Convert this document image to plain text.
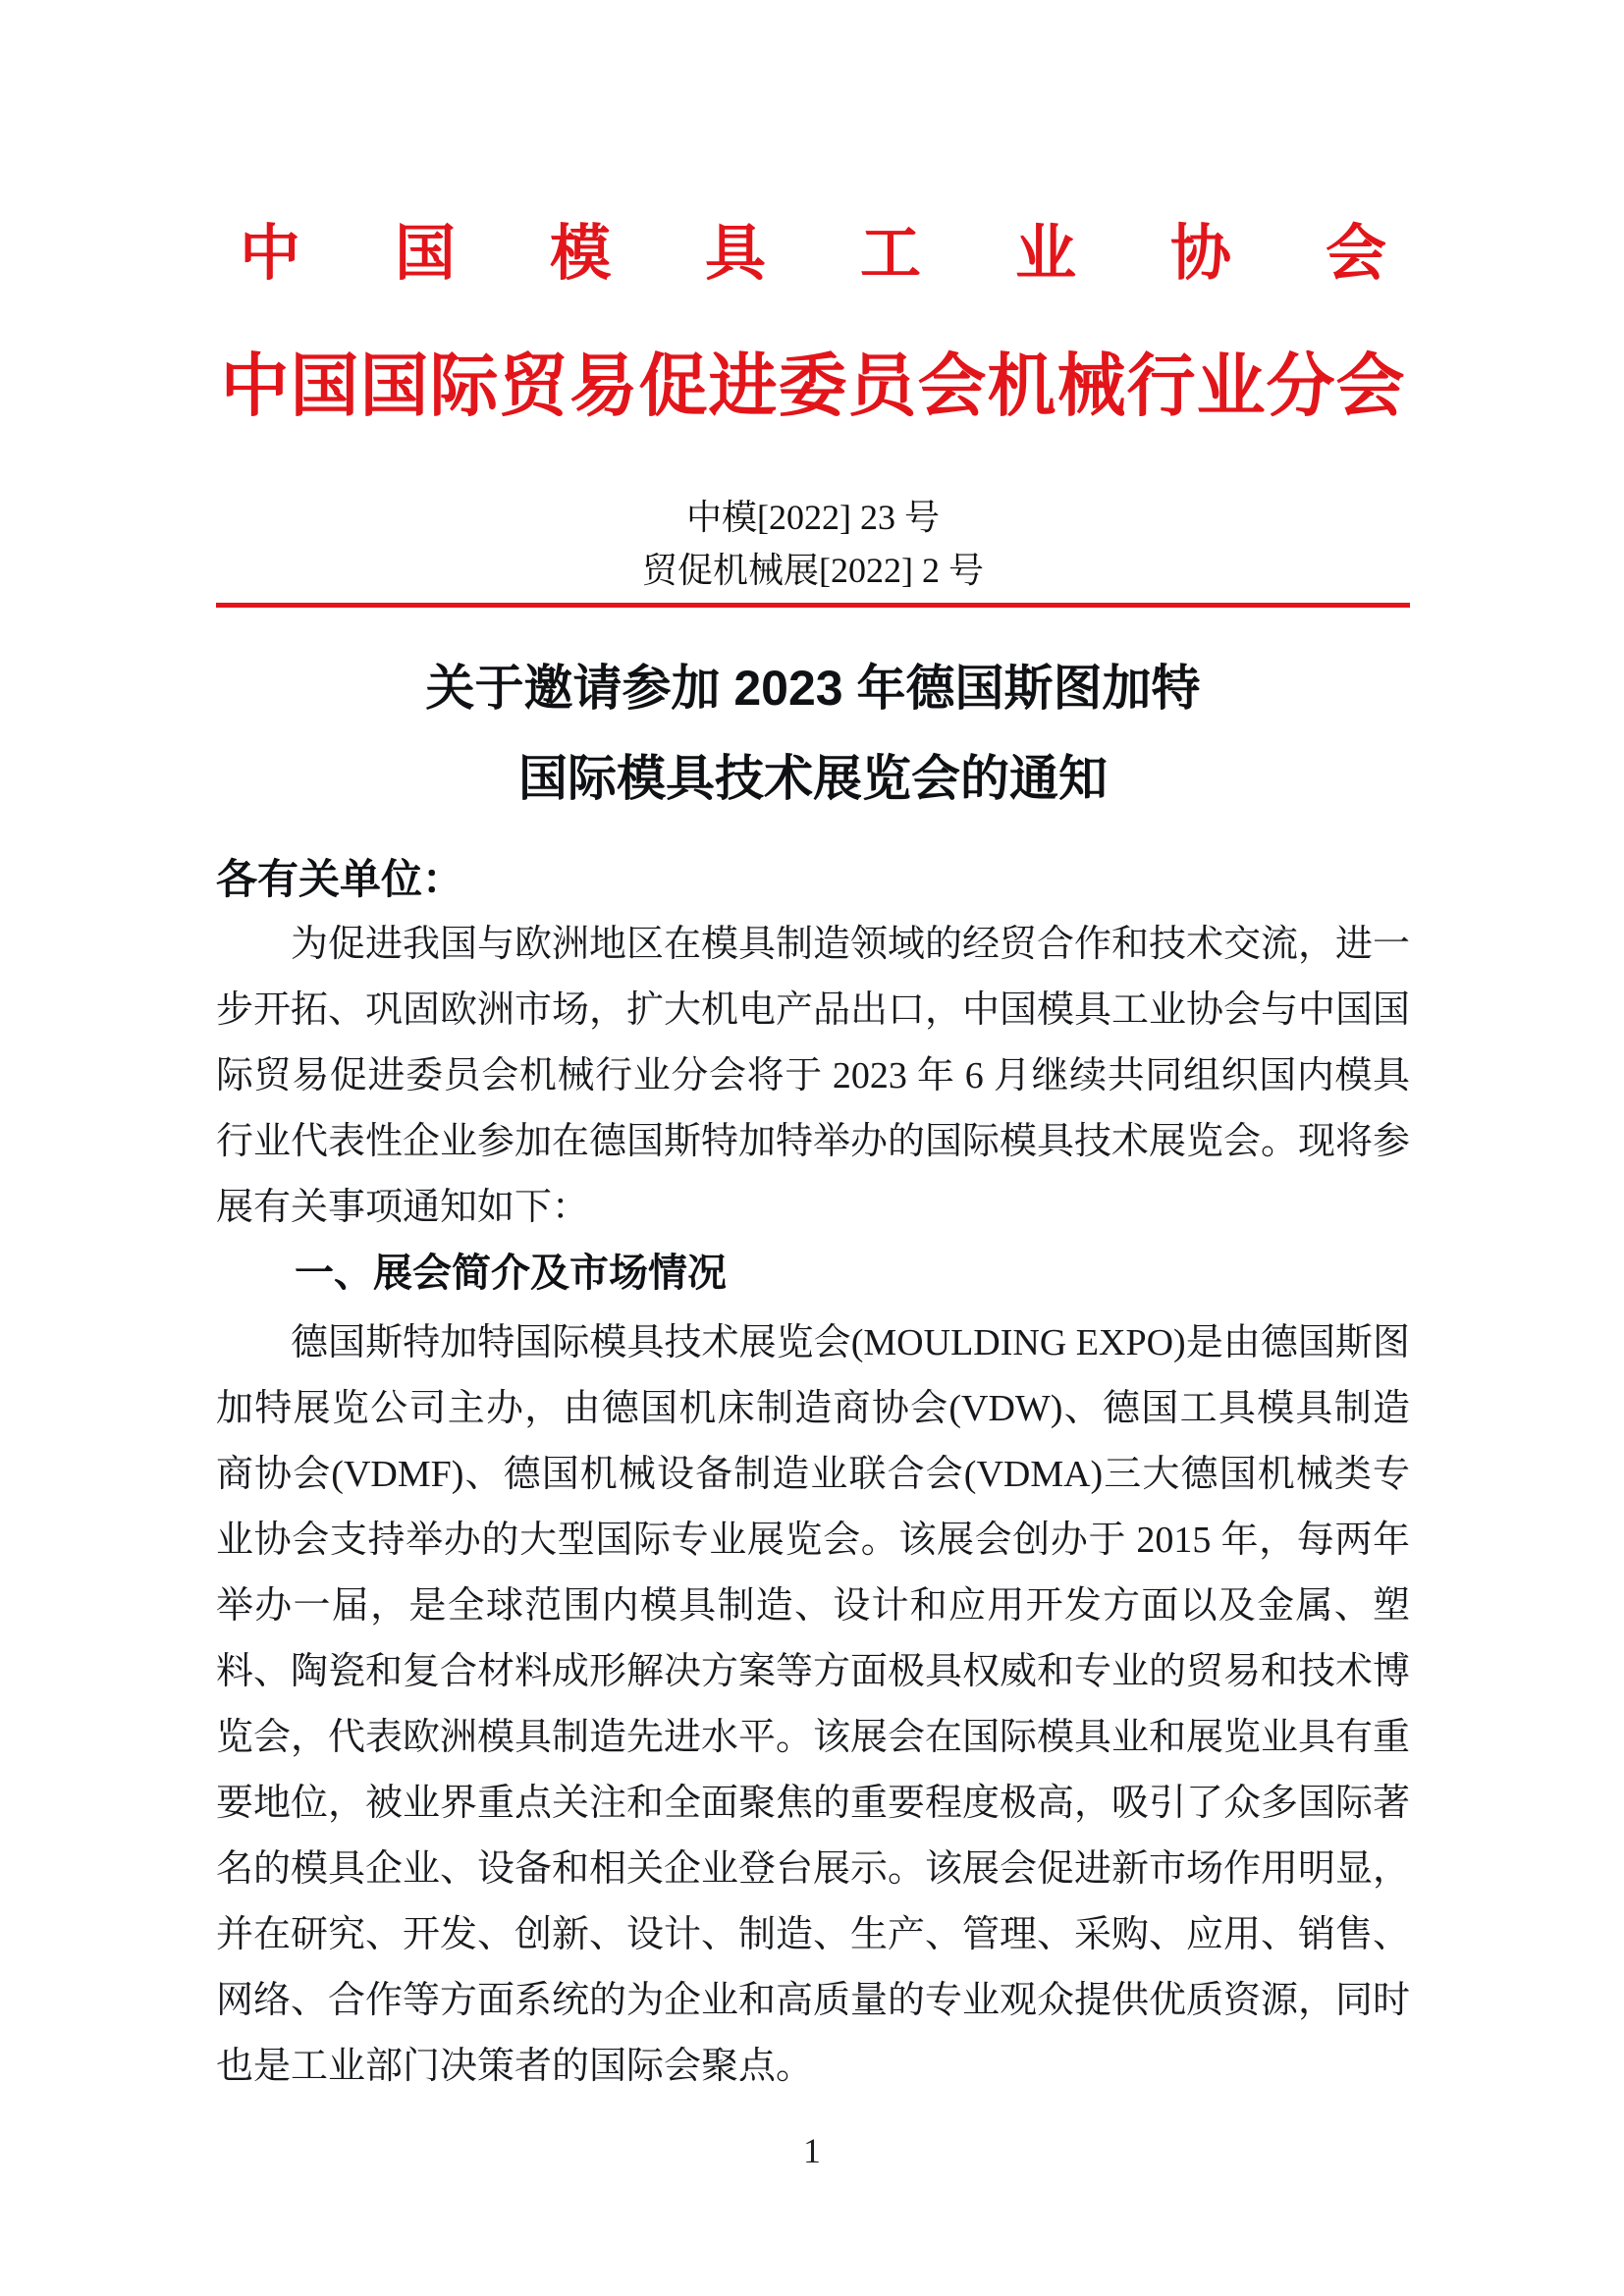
中　国　模　具　工　业　协　会
中国国际贸易促进委员会机械行业分会
中模[2022] 23 号
贸促机械展[2022] 2 号
关于邀请参加 2023 年德国斯图加特
国际模具技术展览会的通知
各有关单位：

为促进我国与欧洲地区在模具制造领域的经贸合作和技术交流，进一步开拓、巩固欧洲市场，扩大机电产品出口，中国模具工业协会与中国国际贸易促进委员会机械行业分会将于 2023 年 6 月继续共同组织国内模具行业代表性企业参加在德国斯特加特举办的国际模具技术展览会。现将参展有关事项通知如下：

一、展会简介及市场情况

德国斯特加特国际模具技术展览会(MOULDING EXPO)是由德国斯图加特展览公司主办，由德国机床制造商协会(VDW)、德国工具模具制造商协会(VDMF)、德国机械设备制造业联合会(VDMA)三大德国机械类专业协会支持举办的大型国际专业展览会。该展会创办于 2015 年，每两年举办一届，是全球范围内模具制造、设计和应用开发方面以及金属、塑料、陶瓷和复合材料成形解决方案等方面极具权威和专业的贸易和技术博览会，代表欧洲模具制造先进水平。该展会在国际模具业和展览业具有重要地位，被业界重点关注和全面聚焦的重要程度极高，吸引了众多国际著名的模具企业、设备和相关企业登台展示。该展会促进新市场作用明显，并在研究、开发、创新、设计、制造、生产、管理、采购、应用、销售、网络、合作等方面系统的为企业和高质量的专业观众提供优质资源，同时也是工业部门决策者的国际会聚点。

1
